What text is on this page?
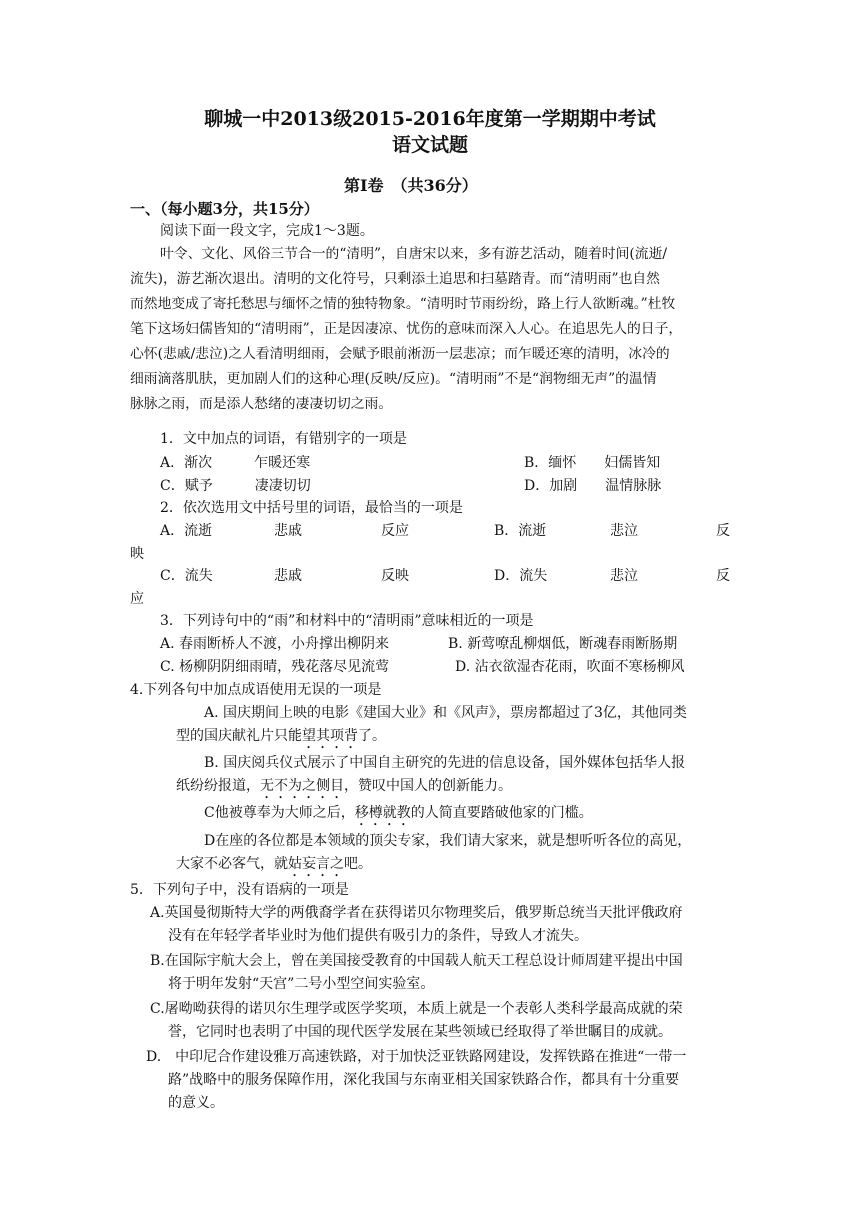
聊城一中2013级2015-2016年度第一学期期中考试
语文试题
第Ⅰ卷　（共36分）
一、（每小题3分，共15分）
阅读下面一段文字，完成1～3题。
叶令、文化、风俗三节合一的“清明”，自唐宋以来，多有游艺活动，随着时间(流逝/
流失)，游艺渐次退出。清明的文化符号，只剩添土追思和扫墓踏青。而“清明雨”也自然
而然地变成了寄托愁思与缅怀之情的独特物象。“清明时节雨纷纷，路上行人欲断魂。”杜牧
笔下这场妇儒皆知的“清明雨”，正是因凄凉、忧伤的意味而深入人心。在追思先人的日子，
心怀(悲戚/悲泣)之人看清明细雨，会赋予眼前淅沥一层悲凉；而乍暖还寒的清明，冰冷的
细雨滴落肌肤，更加剧人们的这种心理(反映/反应)。“清明雨”不是“润物细无声”的温情
脉脉之雨，而是添人愁绪的凄凄切切之雨。
1．文中加点的词语，有错别字的一项是
A．渐次　　　乍暖还寒	B．缅怀　　妇儒皆知
C．赋予　　　凄凄切切	D．加剧　　温情脉脉
2．依次选用文中括号里的词语，最恰当的一项是
A．流逝	悲戚	反应	B．流逝	悲泣	反
映
C．流失	悲戚	反映	D．流失	悲泣	反
应
3．下列诗句中的“雨”和材料中的“清明雨”意味相近的一项是
A. 春雨断桥人不渡，小舟撑出柳阴来	B. 新莺嘹乱柳烟低，断魂春雨断肠期
C. 杨柳阴阴细雨晴，残花落尽见流莺	D. 沾衣欲湿杏花雨，吹面不寒杨柳风
4.下列各句中加点成语使用无误的一项是
A. 国庆期间上映的电影《建国大业》和《风声》，票房都超过了3亿，其他同类
型的国庆献礼片只能望其项背了。
B. 国庆阅兵仪式展示了中国自主研究的先进的信息设备，国外媒体包括华人报
纸纷纷报道，无不为之侧目，赞叹中国人的创新能力。
C他被尊奉为大师之后，移樽就教的人简直要踏破他家的门槛。
D在座的各位都是本领域的顶尖专家，我们请大家来，就是想听听各位的高见，
大家不必客气，就姑妄言之吧。
5．下列句子中，没有语病的一项是
A.英国曼彻斯特大学的两俄裔学者在获得诺贝尔物理奖后，俄罗斯总统当天批评俄政府
没有在年轻学者毕业时为他们提供有吸引力的条件，导致人才流失。
B.在国际宇航大会上，曾在美国接受教育的中国载人航天工程总设计师周建平提出中国
将于明年发射“天宫”二号小型空间实验室。
C.屠呦呦获得的诺贝尔生理学或医学奖项，本质上就是一个表彰人类科学最高成就的荣
誉，它同时也表明了中国的现代医学发展在某些领域已经取得了举世瞩目的成就。
D.　中印尼合作建设雅万高速铁路，对于加快泛亚铁路网建设，发挥铁路在推进“一带一
路”战略中的服务保障作用，深化我国与东南亚相关国家铁路合作，都具有十分重要
的意义。
